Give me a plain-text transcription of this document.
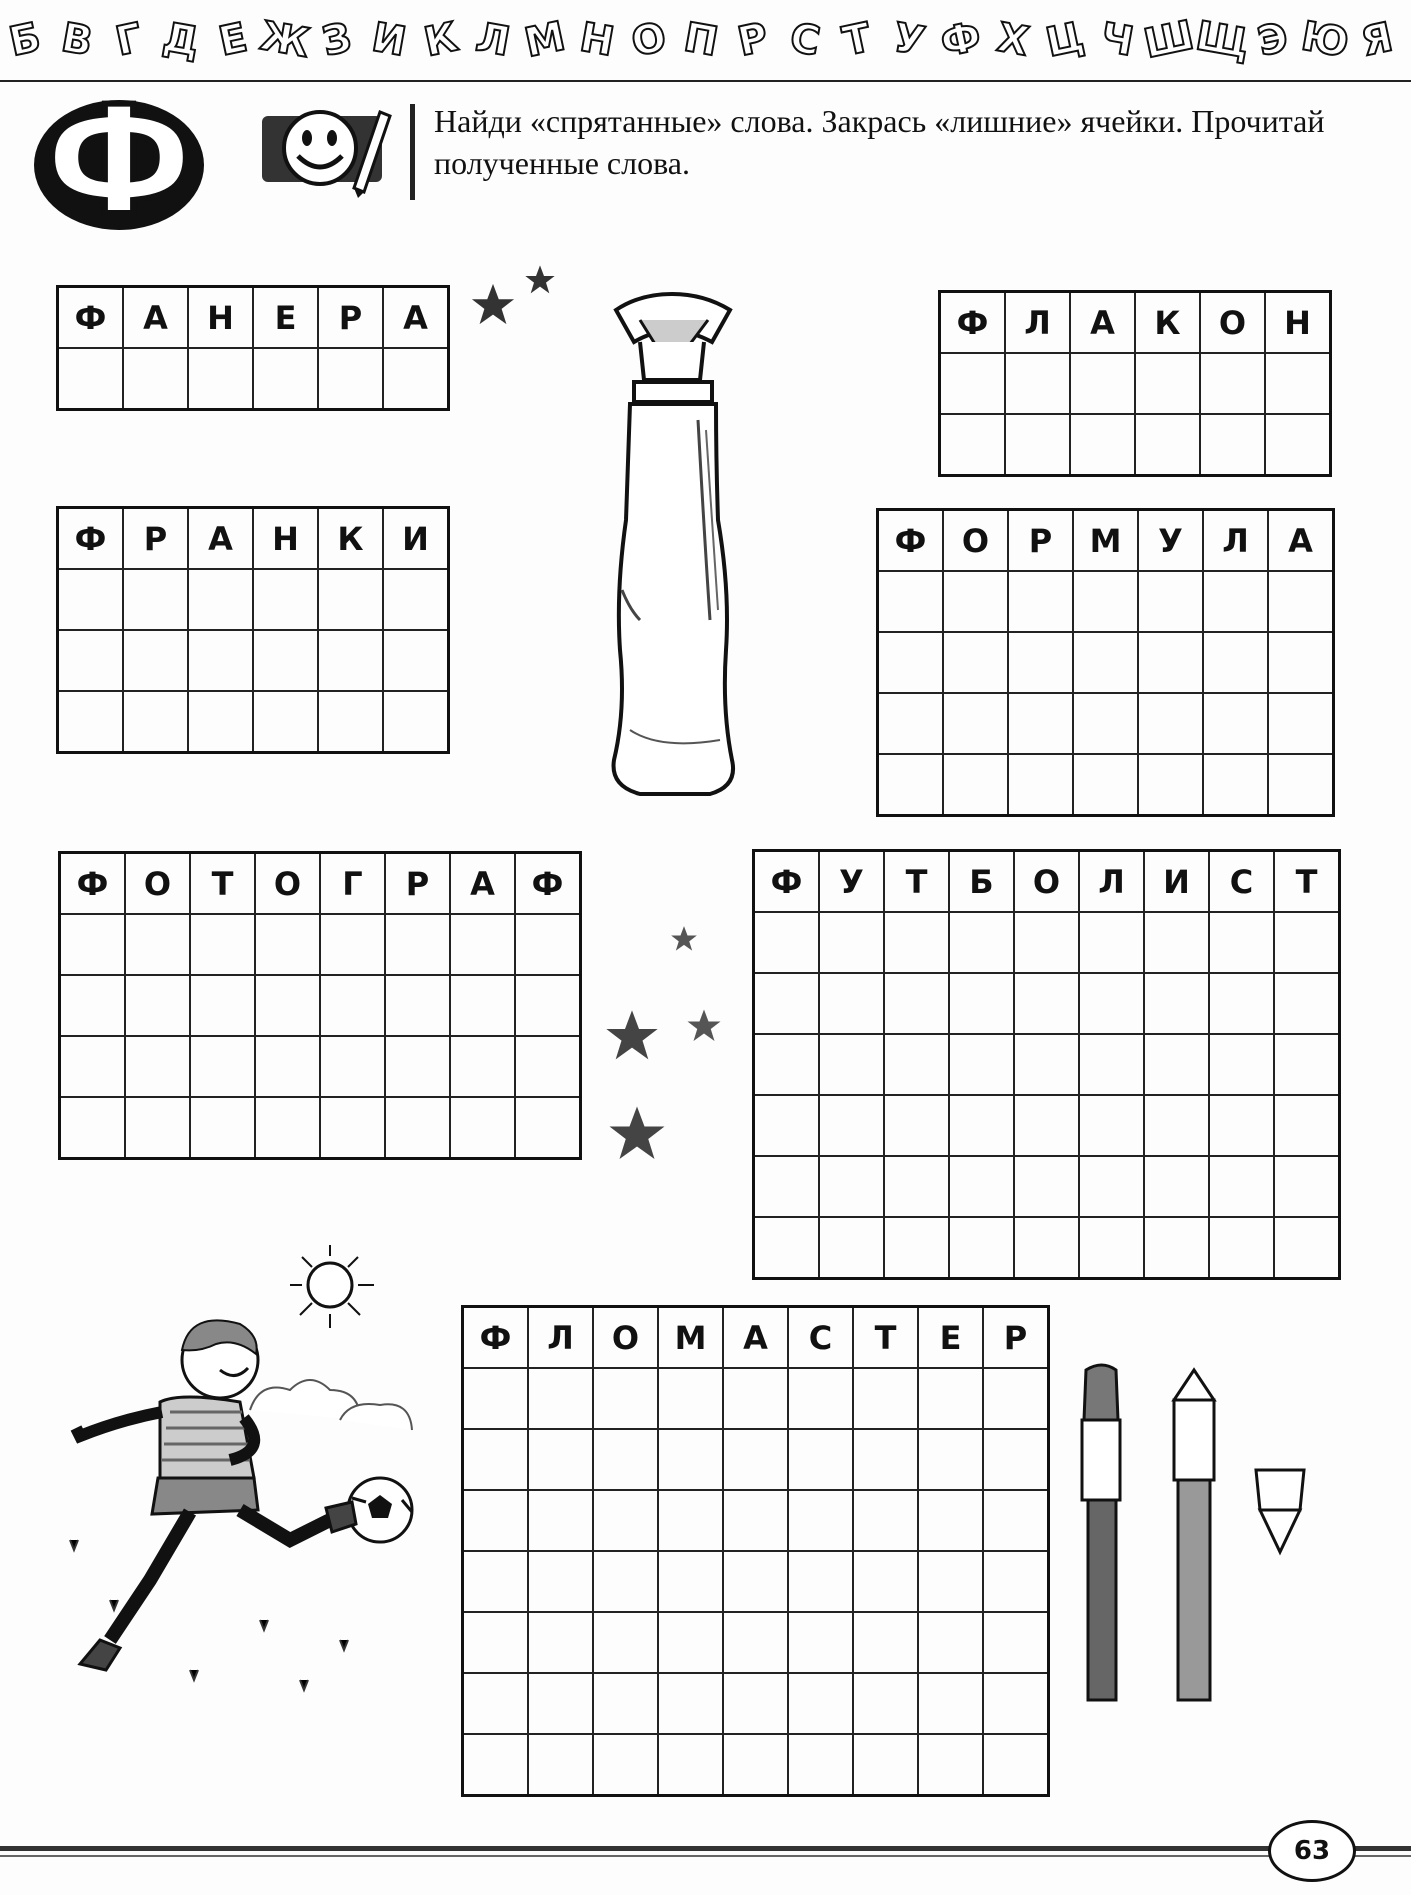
Б В Г Д Е Ж З И К Л М Н О П Р С Т У Ф Х Ц Ч Ш
Щ Э Ю Я
Ф	Найди «спрятанные» слова. Закрась «лишние» ячейки. Прочитай полученные слова.
Ф	А	Н	Е	Р	А
						Ф	Л	А	К	О	Н

Ф	Р	А	Н	К	И

						Ф	О	Р	М	У	Л	А

Ф	О	Т	О	Г	Р	А	Ф

								Ф	У	Т	Б	О	Л	И	С	Т

Ф	Л	О	М	А	С	Т	Е	Р

63
